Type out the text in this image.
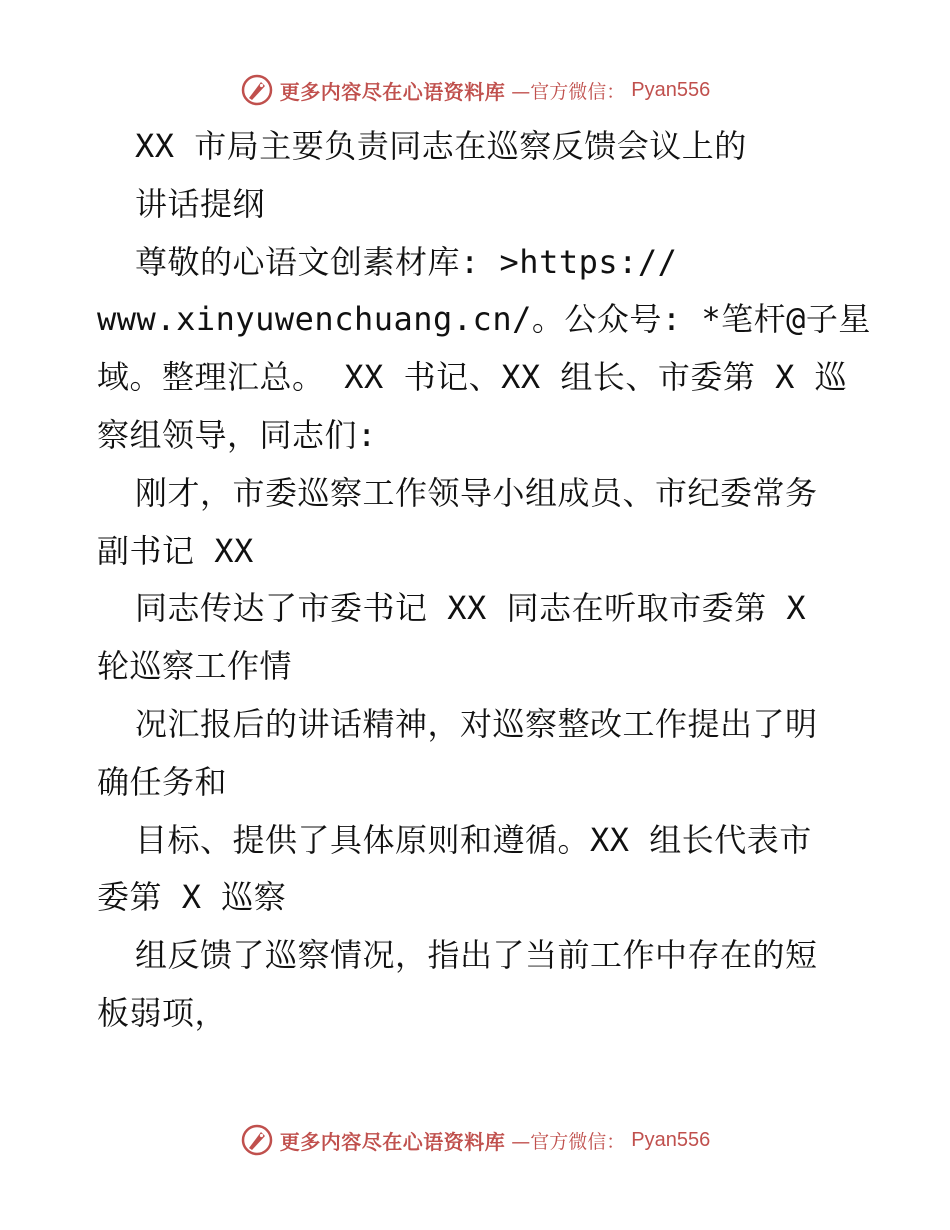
更多内容尽在心语资料库 —官方微信： Pyan556
XX 市局主要负责同志在巡察反馈会议上的
讲话提纲
尊敬的心语文创素材库: >https://
www.xinyuwenchuang.cn/。公众号: *笔杆@子星
域。整理汇总。 XX 书记、XX 组长、市委第 X 巡
察组领导，同志们:
刚才，市委巡察工作领导小组成员、市纪委常务
副书记 XX
同志传达了市委书记 XX 同志在听取市委第 X
轮巡察工作情
况汇报后的讲话精神，对巡察整改工作提出了明
确任务和
目标、提供了具体原则和遵循。XX 组长代表市
委第 X 巡察
组反馈了巡察情况，指出了当前工作中存在的短
板弱项，
更多内容尽在心语资料库 —官方微信： Pyan556
